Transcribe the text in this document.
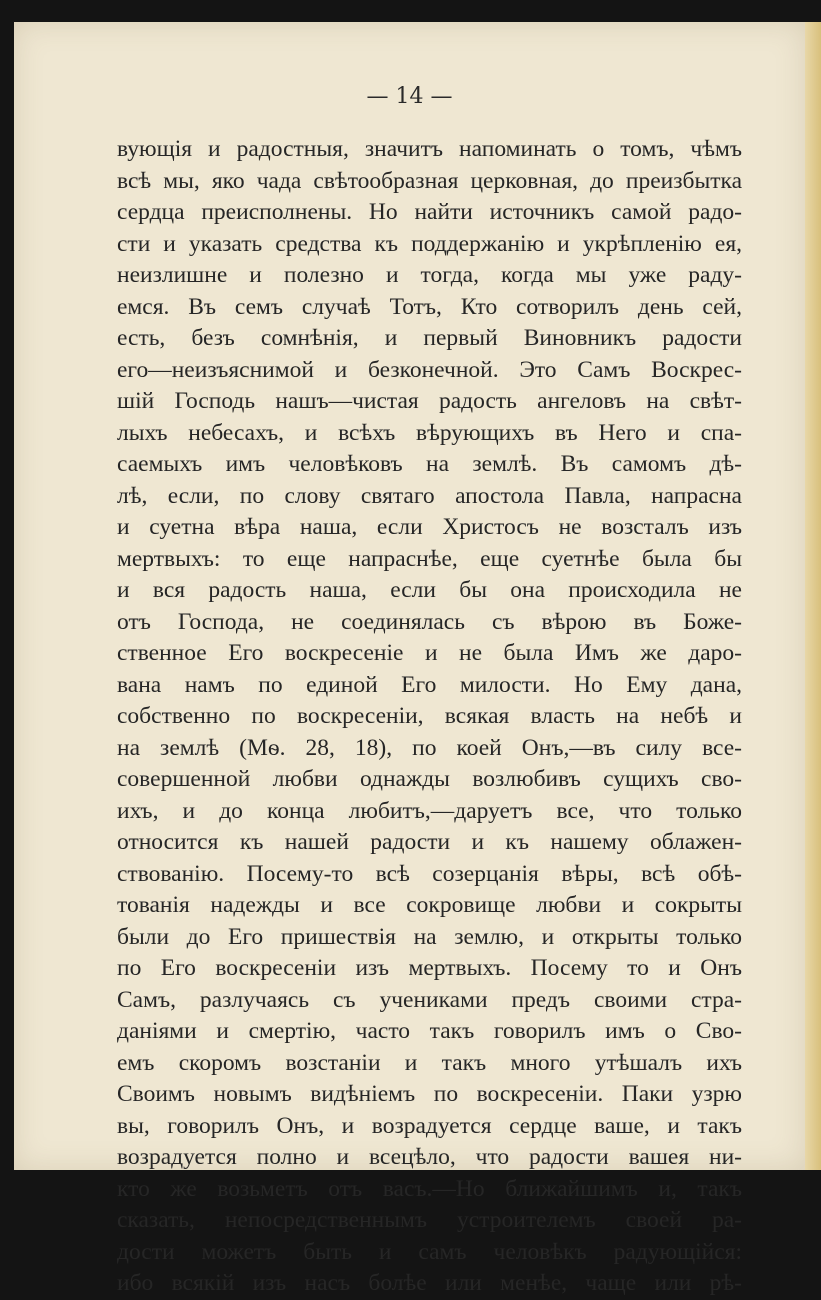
— 14 —
вующія и радостныя, значитъ напоминать о томъ, чѣмъ
всѣ мы, яко чада свѣтообразная церковная, до преизбытка
сердца преисполнены. Но найти источникъ самой радо-
сти и указать средства къ поддержанію и укрѣпленію ея,
неизлишне и полезно и тогда, когда мы уже раду-
емся. Въ семъ случаѣ Тотъ, Кто сотворилъ день сей,
есть, безъ сомнѣнія, и первый Виновникъ радости
его—неизъяснимой и безконечной. Это Самъ Воскрес-
шій Господь нашъ—чистая радость ангеловъ на свѣт-
лыхъ небесахъ, и всѣхъ вѣрующихъ въ Него и спа-
саемыхъ имъ человѣковъ на землѣ. Въ самомъ дѣ-
лѣ, если, по слову святаго апостола Павла, напрасна
и суетна вѣра наша, если Христосъ не возсталъ изъ
мертвыхъ: то еще напраснѣе, еще суетнѣе была бы
и вся радость наша, если бы она происходила не
отъ Господа, не соединялась съ вѣрою въ Боже-
ственное Его воскресеніе и не была Имъ же даро-
вана намъ по единой Его милости. Но Ему дана,
собственно по воскресеніи, всякая власть на небѣ и
на землѣ (Мѳ. 28, 18), по коей Онъ,—въ силу все-
совершенной любви однажды возлюбивъ сущихъ сво-
ихъ, и до конца любитъ,—даруетъ все, что только
относится къ нашей радости и къ нашему облажен-
ствованію. Посему-то всѣ созерцанія вѣры, всѣ обѣ-
тованія надежды и все сокровище любви и сокрыты
были до Его пришествія на землю, и открыты только
по Его воскресеніи изъ мертвыхъ. Посему то и Онъ
Самъ, разлучаясь съ учениками предъ своими стра-
даніями и смертію, часто такъ говорилъ имъ о Сво-
емъ скоромъ возстаніи и такъ много утѣшалъ ихъ
Своимъ новымъ видѣніемъ по воскресеніи. Паки узрю
вы, говорилъ Онъ, и возрадуется сердце ваше, и такъ
возрадуется полно и всецѣло, что радости вашея ни-
кто же возьметъ отъ васъ.—Но ближайшимъ и, такъ
сказать, непосредственнымъ устроителемъ своей ра-
дости можетъ быть и самъ человѣкъ радующійся:
ибо всякій изъ насъ болѣе или менѣе, чаще или рѣ-
